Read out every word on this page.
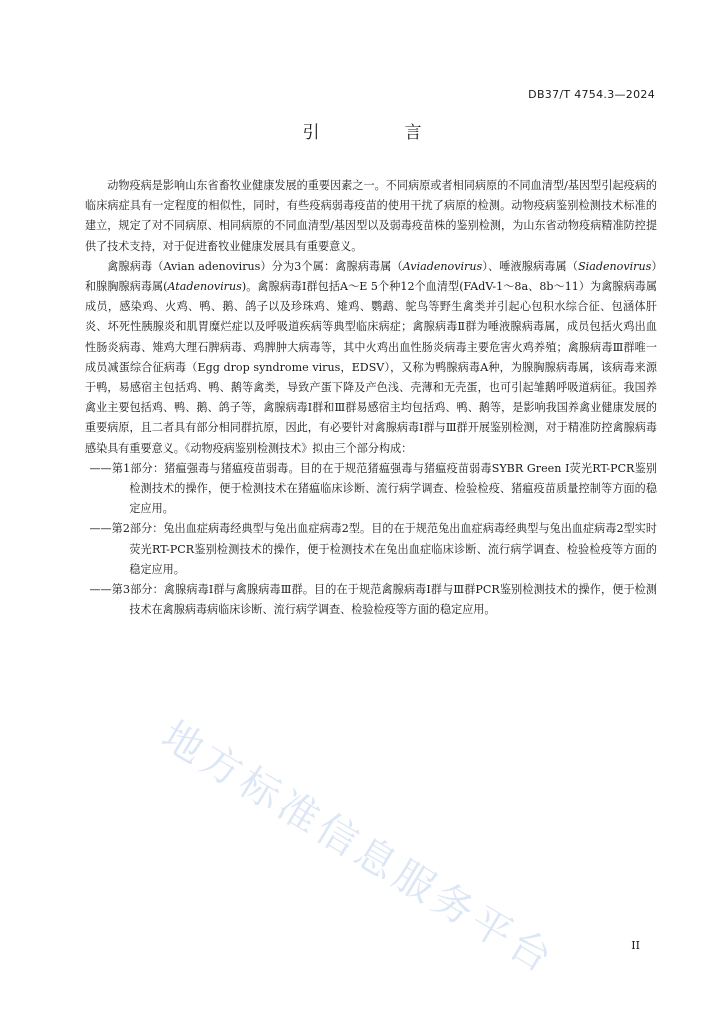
DB37/T 4754.3—2024
引　言

动物疫病是影响山东省畜牧业健康发展的重要因素之一。不同病原或者相同病原的不同血清型/基因型引起疫病的临床病症具有一定程度的相似性，同时，有些疫病弱毒疫苗的使用干扰了病原的检测。动物疫病鉴别检测技术标准的建立，规定了对不同病原、相同病原的不同血清型/基因型以及弱毒疫苗株的鉴别检测，为山东省动物疫病精准防控提供了技术支持，对于促进畜牧业健康发展具有重要意义。

禽腺病毒（Avian adenovirus）分为3个属：禽腺病毒属（Aviadenovirus）、唾液腺病毒属（Siadenovirus）和腺胸腺病毒属(Atadenovirus)。禽腺病毒Ⅰ群包括A～E 5个种12个血清型(FAdV-1～8a、8b～11）为禽腺病毒属成员，感染鸡、火鸡、鸭、鹅、鸽子以及珍珠鸡、雉鸡、鹦鹉、鸵鸟等野生禽类并引起心包积水综合征、包涵体肝炎、坏死性胰腺炎和肌胃糜烂症以及呼吸道疾病等典型临床病症；禽腺病毒Ⅱ群为唾液腺病毒属，成员包括火鸡出血性肠炎病毒、雉鸡大理石脾病毒、鸡脾肿大病毒等，其中火鸡出血性肠炎病毒主要危害火鸡养殖；禽腺病毒Ⅲ群唯一成员减蛋综合征病毒（Egg drop syndrome virus，EDSV），又称为鸭腺病毒A种，为腺胸腺病毒属，该病毒来源于鸭，易感宿主包括鸡、鸭、鹅等禽类，导致产蛋下降及产色浅、壳薄和无壳蛋，也可引起雏鹅呼吸道病征。我国养禽业主要包括鸡、鸭、鹅、鸽子等，禽腺病毒Ⅰ群和Ⅲ群易感宿主均包括鸡、鸭、鹅等，是影响我国养禽业健康发展的重要病原，且二者具有部分相同群抗原，因此，有必要针对禽腺病毒Ⅰ群与Ⅲ群开展鉴别检测，对于精准防控禽腺病毒感染具有重要意义。《动物疫病鉴别检测技术》拟由三个部分构成：

——第1部分：猪瘟强毒与猪瘟疫苗弱毒。目的在于规范猪瘟强毒与猪瘟疫苗弱毒SYBR Green Ⅰ荧光RT-PCR鉴别检测技术的操作，便于检测技术在猪瘟临床诊断、流行病学调查、检验检疫、猪瘟疫苗质量控制等方面的稳定应用。

——第2部分：兔出血症病毒经典型与兔出血症病毒2型。目的在于规范兔出血症病毒经典型与兔出血症病毒2型实时荧光RT-PCR鉴别检测技术的操作，便于检测技术在兔出血症临床诊断、流行病学调查、检验检疫等方面的稳定应用。

——第3部分：禽腺病毒Ⅰ群与禽腺病毒Ⅲ群。目的在于规范禽腺病毒Ⅰ群与Ⅲ群PCR鉴别检测技术的操作，便于检测技术在禽腺病毒病临床诊断、流行病学调查、检验检疫等方面的稳定应用。

地方标准信息服务平台	II
